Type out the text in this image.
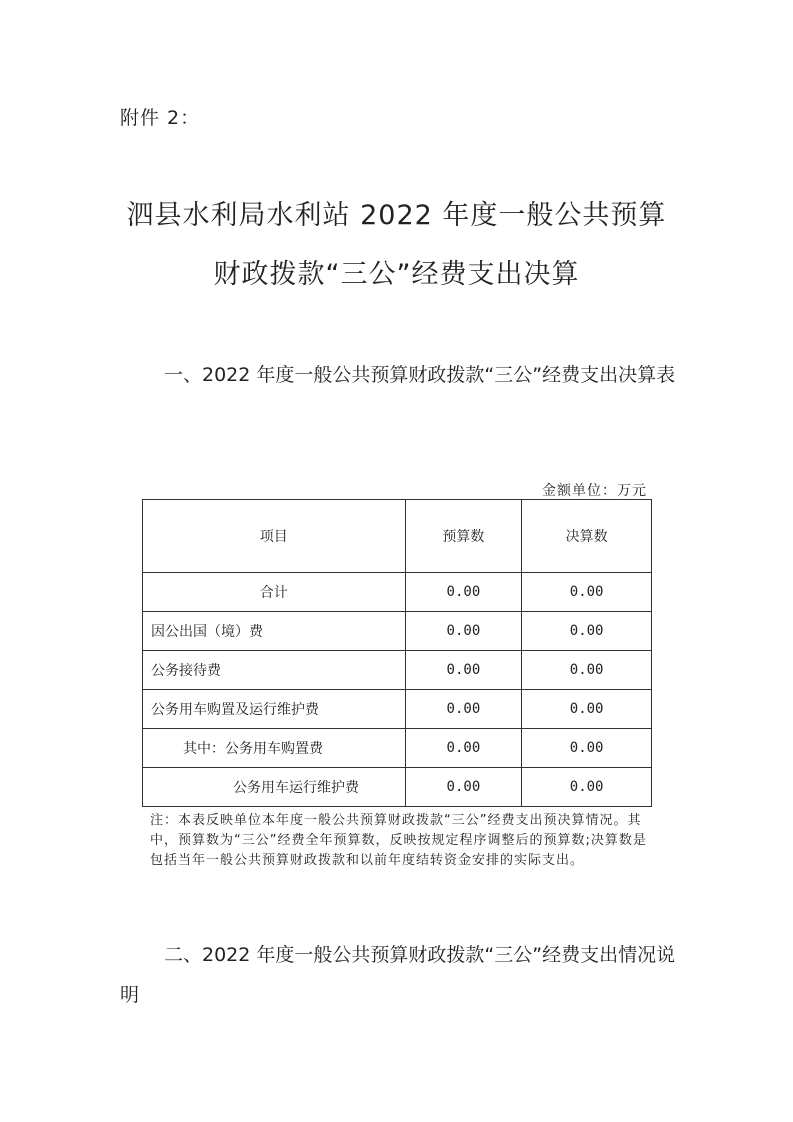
附件 2：
泗县水利局水利站 2022 年度一般公共预算
财政拨款“三公”经费支出决算
一、2022 年度一般公共预算财政拨款“三公”经费支出决算表
金额单位：万元
项目	预算数	决算数
合计	0.00	0.00
因公出国（境）费	0.00	0.00
公务接待费	0.00	0.00
公务用车购置及运行维护费	0.00	0.00
其中：公务用车购置费	0.00	0.00
公务用车运行维护费	0.00	0.00
注：本表反映单位本年度一般公共预算财政拨款“三公”经费支出预决算情况。其中，预算数为“三公”经费全年预算数，反映按规定程序调整后的预算数;决算数是包括当年一般公共预算财政拨款和以前年度结转资金安排的实际支出。
二、2022 年度一般公共预算财政拨款“三公”经费支出情况说明
